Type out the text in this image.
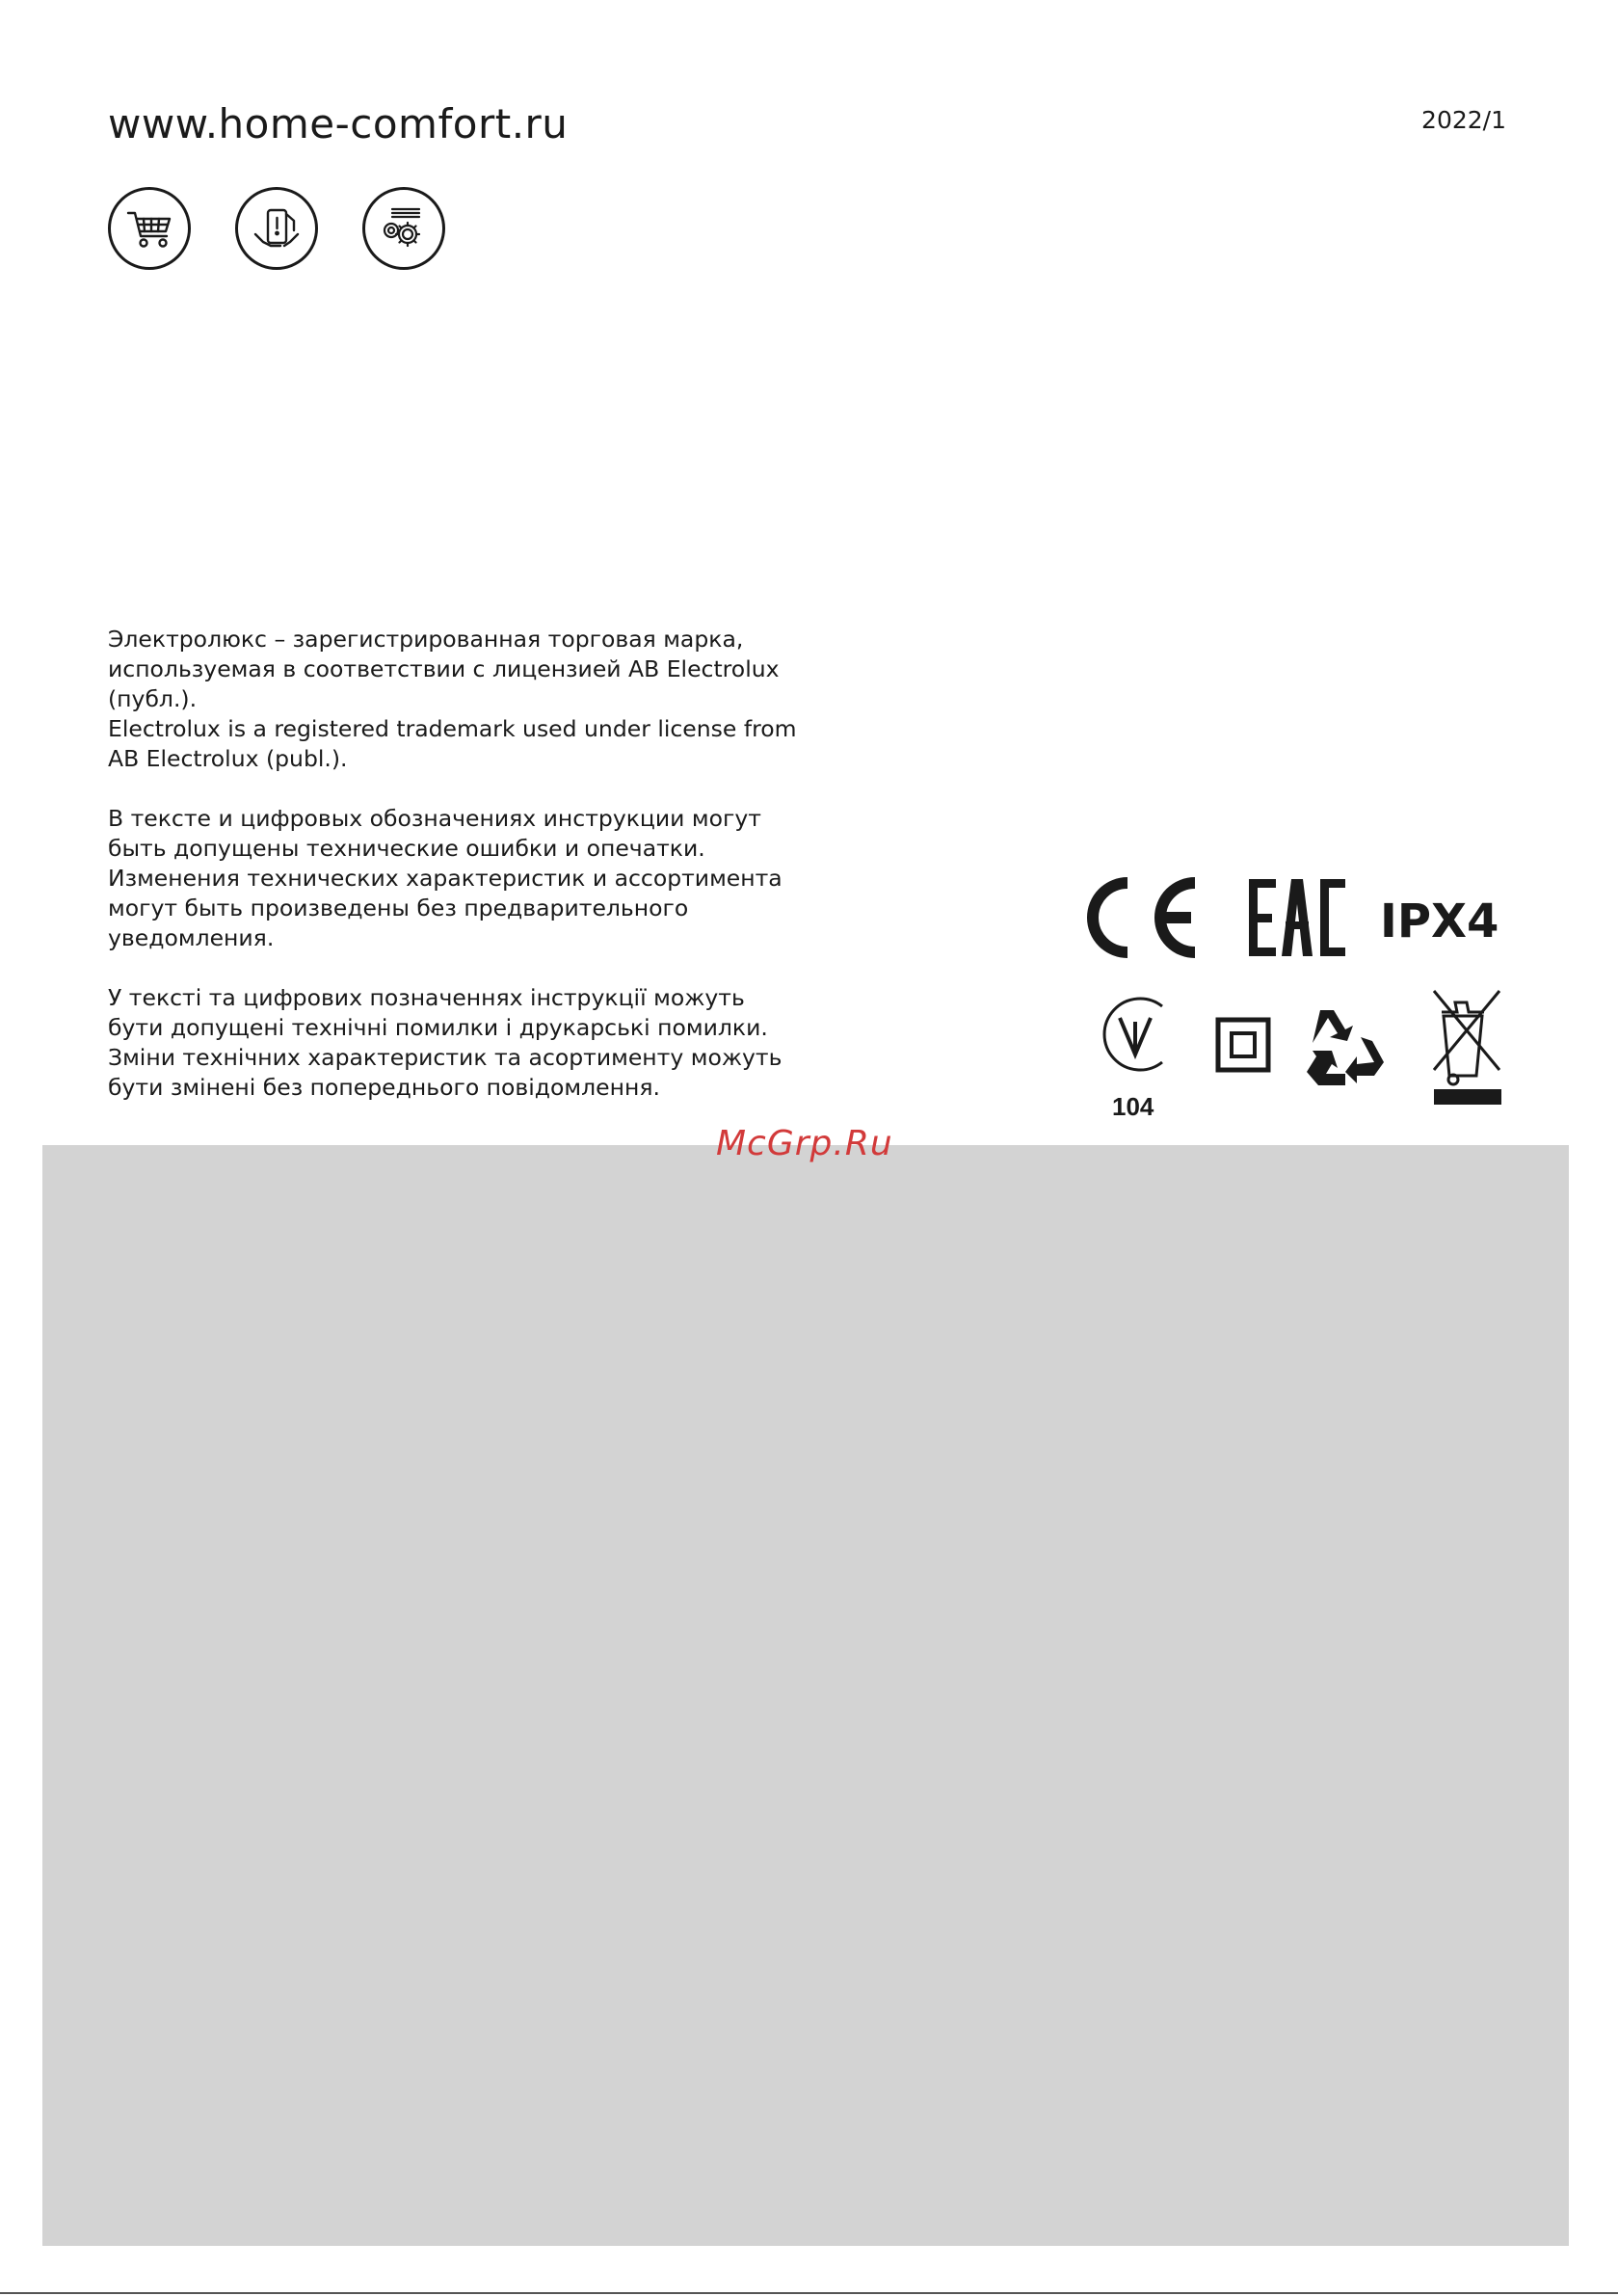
www.home-comfort.ru	2022/1

Электролюкс – зарегистрированная торговая марка,
используемая в соответствии с лицензией AB Electrolux
(публ.).
Electrolux is a registered trademark used under license from
AB Electrolux (publ.).

В тексте и цифровых обозначениях инструкции могут
быть допущены технические ошибки и опечатки.
Изменения технических характеристик и ассортимента
могут быть произведены без предварительного
уведомления.

У тексті та цифрових позначеннях інструкції можуть
бути допущені технічні помилки і друкарські помилки.
Зміни технічних характеристик та асортименту можуть
бути змінені без попереднього повідомлення.

IPX4
104
McGrp.Ru
